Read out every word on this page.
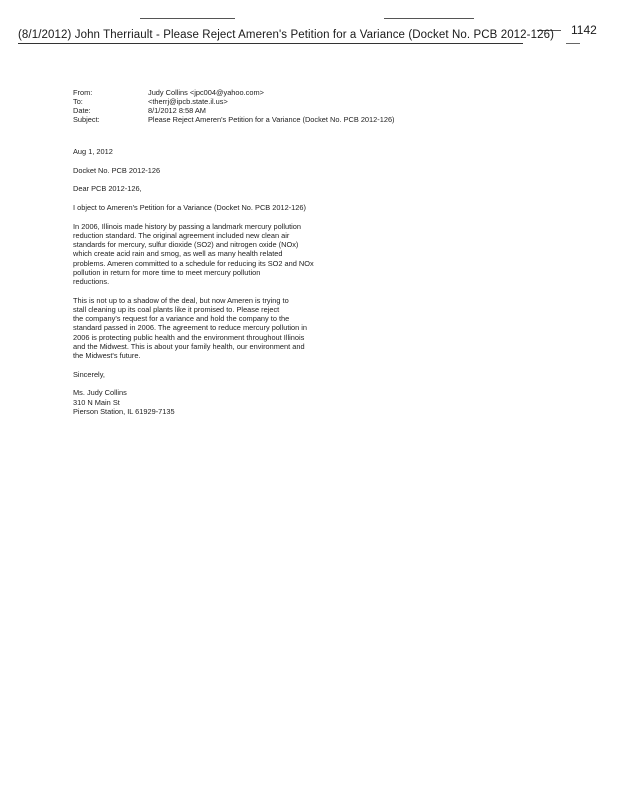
(8/1/2012) John Therriault - Please Reject Ameren's Petition for a Variance (Docket No. PCB 2012-126) 1142
From:	Judy Collins <jpc004@yahoo.com>
To:	<therrj@ipcb.state.il.us>
Date:	8/1/2012 8:58 AM
Subject:	Please Reject Ameren's Petition for a Variance (Docket No. PCB 2012-126)
Aug 1, 2012
Docket No. PCB 2012-126
Dear PCB 2012-126,
I object to Ameren's Petition for a Variance (Docket No. PCB 2012-126)
In 2006, Illinois made history by passing a landmark mercury pollution
reduction standard. The original agreement included new clean air
standards for mercury, sulfur dioxide (SO2) and nitrogen oxide (NOx)
which create acid rain and smog, as well as many health related
problems. Ameren committed to a schedule for reducing its SO2 and NOx
pollution in return for more time to meet mercury pollution
reductions.
This is not up to a shadow of the deal, but now Ameren is trying to
stall cleaning up its coal plants like it promised to. Please reject
the company's request for a variance and hold the company to the
standard passed in 2006. The agreement to reduce mercury pollution in
2006 is protecting public health and the environment throughout Illinois
and the Midwest. This is about your family health, our environment and
the Midwest's future.
Sincerely,
Ms. Judy Collins
310 N Main St
Pierson Station, IL 61929-7135
